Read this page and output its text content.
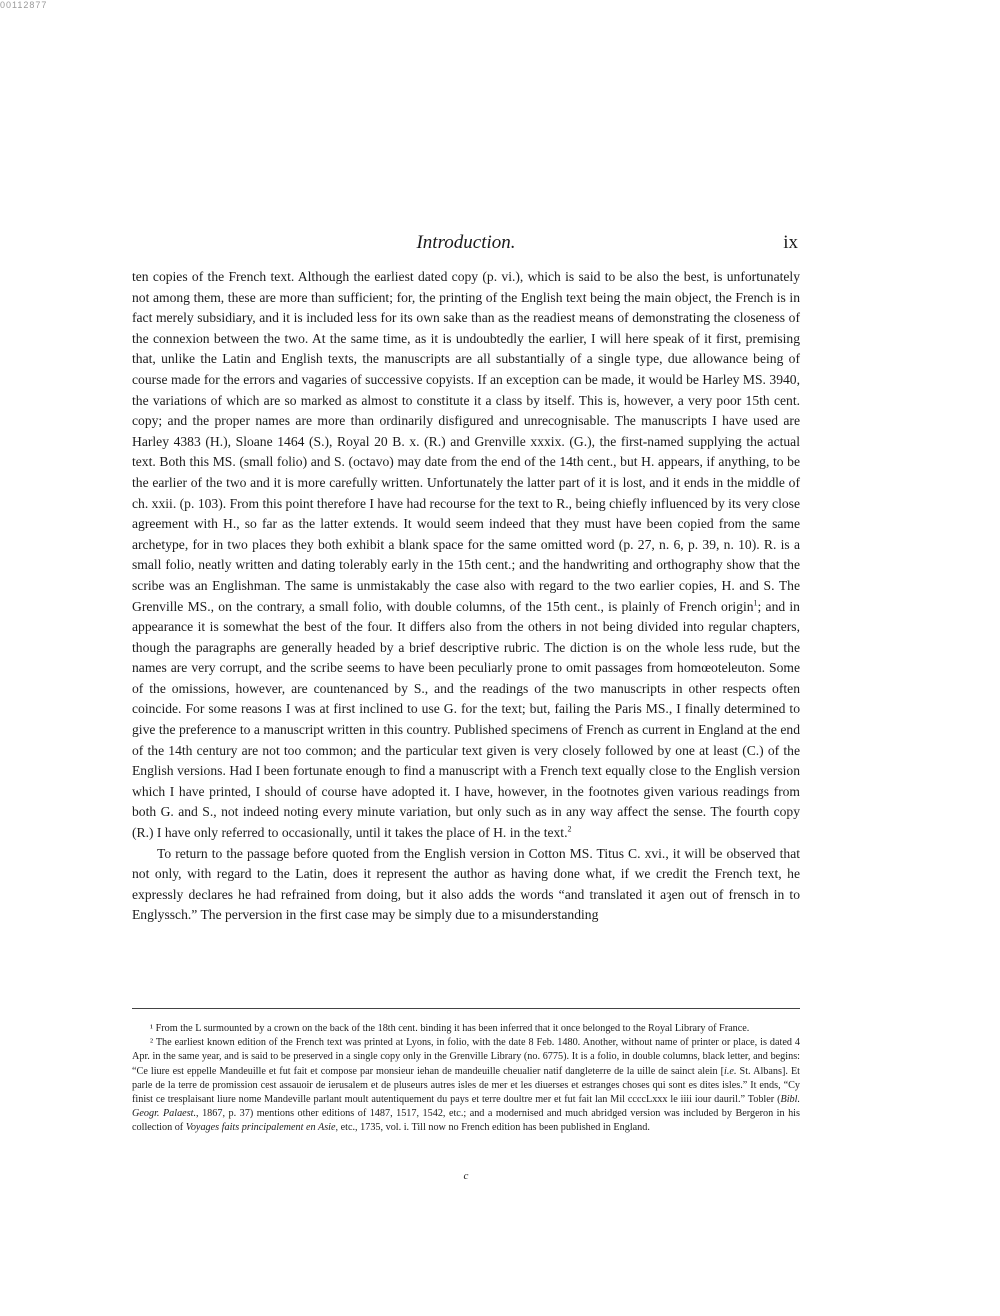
00112877
Introduction.	ix

ten copies of the French text. Although the earliest dated copy (p. vi.), which is said to be also the best, is unfortunately not among them, these are more than sufficient; for, the printing of the English text being the main object, the French is in fact merely subsidiary, and it is included less for its own sake than as the readiest means of demonstrating the closeness of the connexion between the two. At the same time, as it is undoubtedly the earlier, I will here speak of it first, premising that, unlike the Latin and English texts, the manuscripts are all substantially of a single type, due allowance being of course made for the errors and vagaries of successive copyists. If an exception can be made, it would be Harley MS. 3940, the variations of which are so marked as almost to constitute it a class by itself. This is, however, a very poor 15th cent. copy; and the proper names are more than ordinarily disfigured and unrecognisable. The manuscripts I have used are Harley 4383 (H.), Sloane 1464 (S.), Royal 20 B. x. (R.) and Grenville xxxix. (G.), the first-named supplying the actual text. Both this MS. (small folio) and S. (octavo) may date from the end of the 14th cent., but H. appears, if anything, to be the earlier of the two and it is more carefully written. Unfortunately the latter part of it is lost, and it ends in the middle of ch. xxii. (p. 103). From this point therefore I have had recourse for the text to R., being chiefly influenced by its very close agreement with H., so far as the latter extends. It would seem indeed that they must have been copied from the same archetype, for in two places they both exhibit a blank space for the same omitted word (p. 27, n. 6, p. 39, n. 10). R. is a small folio, neatly written and dating tolerably early in the 15th cent.; and the handwriting and orthography show that the scribe was an Englishman. The same is unmistakably the case also with regard to the two earlier copies, H. and S. The Grenville MS., on the contrary, a small folio, with double columns, of the 15th cent., is plainly of French origin$^1$; and in appearance it is somewhat the best of the four. It differs also from the others in not being divided into regular chapters, though the paragraphs are generally headed by a brief descriptive rubric. The diction is on the whole less rude, but the names are very corrupt, and the scribe seems to have been peculiarly prone to omit passages from homœoteleuton. Some of the omissions, however, are countenanced by S., and the readings of the two manuscripts in other respects often coincide. For some reasons I was at first inclined to use G. for the text; but, failing the Paris MS., I finally determined to give the preference to a manuscript written in this country. Published specimens of French as current in England at the end of the 14th century are not too common; and the particular text given is very closely followed by one at least (C.) of the English versions. Had I been fortunate enough to find a manuscript with a French text equally close to the English version which I have printed, I should of course have adopted it. I have, however, in the footnotes given various readings from both G. and S., not indeed noting every minute variation, but only such as in any way affect the sense. The fourth copy (R.) I have only referred to occasionally, until it takes the place of H. in the text.$^2$

To return to the passage before quoted from the English version in Cotton MS. Titus C. xvi., it will be observed that not only, with regard to the Latin, does it represent the author as having done what, if we credit the French text, he expressly declares he had refrained from doing, but it also adds the words “and translated it aȝen out of frensch in to Englyssch.” The perversion in the first case may be simply due to a misunderstanding

¹ From the L surmounted by a crown on the back of the 18th cent. binding it has been inferred that it once belonged to the Royal Library of France.

² The earliest known edition of the French text was printed at Lyons, in folio, with the date 8 Feb. 1480. Another, without name of printer or place, is dated 4 Apr. in the same year, and is said to be preserved in a single copy only in the Grenville Library (no. 6775). It is a folio, in double columns, black letter, and begins: “Ce liure est eppelle Mandeuille et fut fait et compose par monsieur iehan de mandeuille cheualier natif dangleterre de la uille de sainct alein [i.e. St. Albans]. Et parle de la terre de promission cest assauoir de ierusalem et de pluseurs autres isles de mer et les diuerses et estranges choses qui sont es dites isles.” It ends, “Cy finist ce tresplaisant liure nome Mandeville parlant moult autentiquement du pays et terre doultre mer et fut fait lan Mil ccccLxxx le iiii iour dauril.” Tobler (Bibl. Geogr. Palaest., 1867, p. 37) mentions other editions of 1487, 1517, 1542, etc.; and a modernised and much abridged version was included by Bergeron in his collection of Voyages faits principalement en Asie, etc., 1735, vol. i. Till now no French edition has been published in England.

c
